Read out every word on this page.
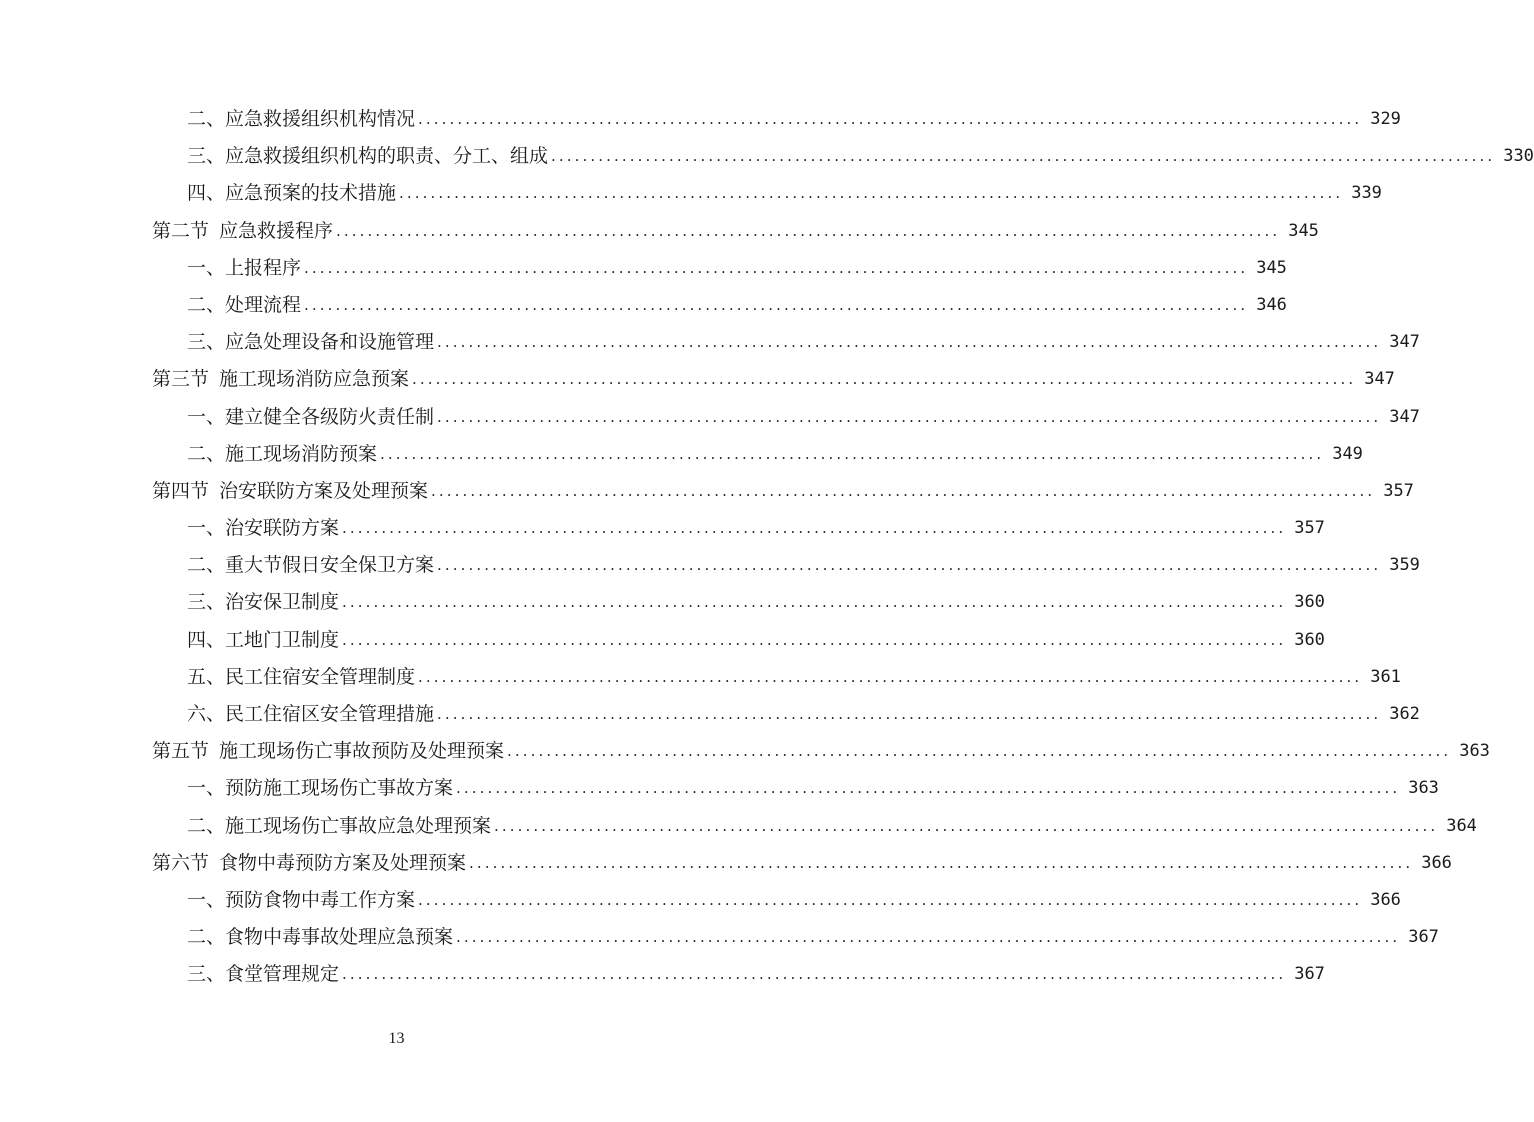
二、 应急救援组织机构情况 ........................................................................................................................ 329
三、 应急救援组织机构的职责、分工、组成 ........................................................................................................................ 330
四、 应急预案的技术措施 ........................................................................................................................ 339
第二节 应急救援程序 ........................................................................................................................ 345
一、 上报程序 ........................................................................................................................ 345
二、 处理流程 ........................................................................................................................ 346
三、 应急处理设备和设施管理 ........................................................................................................................ 347
第三节 施工现场消防应急预案 ........................................................................................................................ 347
一、 建立健全各级防火责任制 ........................................................................................................................ 347
二、 施工现场消防预案 ........................................................................................................................ 349
第四节 治安联防方案及处理预案 ........................................................................................................................ 357
一、 治安联防方案 ........................................................................................................................ 357
二、 重大节假日安全保卫方案 ........................................................................................................................ 359
三、 治安保卫制度 ........................................................................................................................ 360
四、 工地门卫制度 ........................................................................................................................ 360
五、 民工住宿安全管理制度 ........................................................................................................................ 361
六、 民工住宿区安全管理措施 ........................................................................................................................ 362
第五节 施工现场伤亡事故预防及处理预案 ........................................................................................................................ 363
一、 预防施工现场伤亡事故方案 ........................................................................................................................ 363
二、 施工现场伤亡事故应急处理预案 ........................................................................................................................ 364
第六节 食物中毒预防方案及处理预案 ........................................................................................................................ 366
一、 预防食物中毒工作方案 ........................................................................................................................ 366
二、 食物中毒事故处理应急预案 ........................................................................................................................ 367
三、 食堂管理规定 ........................................................................................................................ 367
13
